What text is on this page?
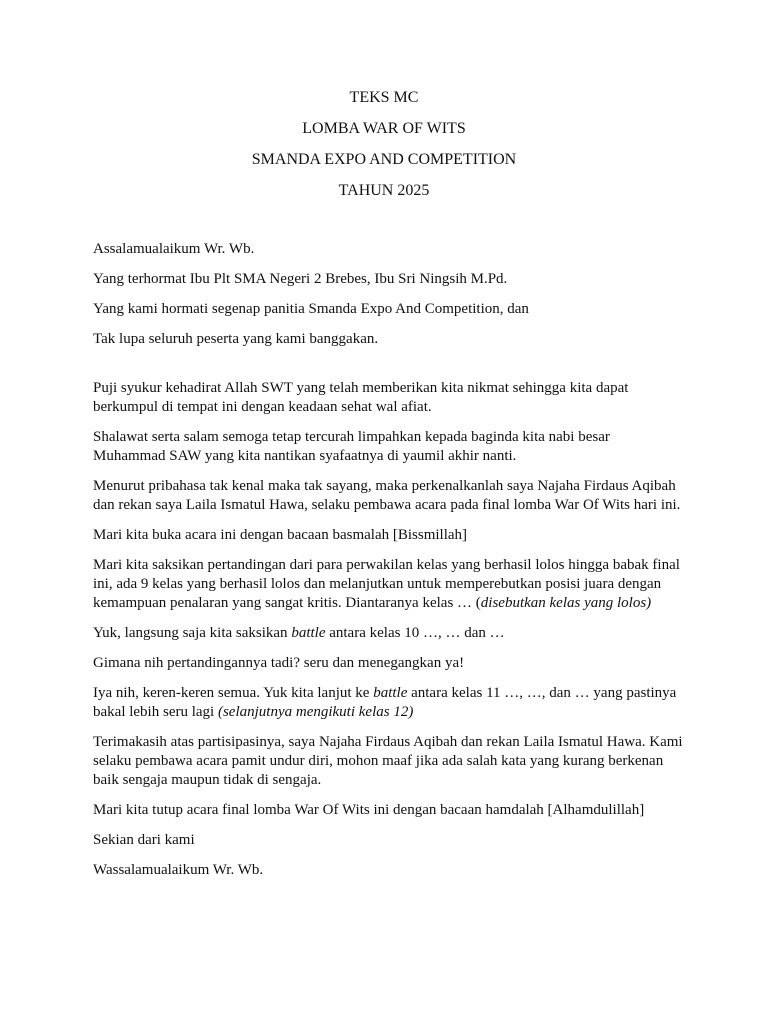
TEKS MC
LOMBA WAR OF WITS
SMANDA EXPO AND COMPETITION
TAHUN 2025

Assalamualaikum Wr. Wb.

Yang terhormat Ibu Plt SMA Negeri 2 Brebes, Ibu Sri Ningsih M.Pd.

Yang kami hormati segenap panitia Smanda Expo And Competition, dan

Tak lupa seluruh peserta yang kami banggakan.

Puji syukur kehadirat Allah SWT yang telah memberikan kita nikmat sehingga kita dapat berkumpul di tempat ini dengan keadaan sehat wal afiat.

Shalawat serta salam semoga tetap tercurah limpahkan kepada baginda kita nabi besar Muhammad SAW yang kita nantikan syafaatnya di yaumil akhir nanti.

Menurut pribahasa tak kenal maka tak sayang, maka perkenalkanlah saya Najaha Firdaus Aqibah dan rekan saya Laila Ismatul Hawa, selaku pembawa acara pada final lomba War Of Wits hari ini.

Mari kita buka acara ini dengan bacaan basmalah [Bissmillah]

Mari kita saksikan pertandingan dari para perwakilan kelas yang berhasil lolos hingga babak final ini, ada 9 kelas yang berhasil lolos dan melanjutkan untuk memperebutkan posisi juara dengan kemampuan penalaran yang sangat kritis. Diantaranya kelas … (disebutkan kelas yang lolos)

Yuk, langsung saja kita saksikan battle antara kelas 10 …, … dan …

Gimana nih pertandingannya tadi? seru dan menegangkan ya!

Iya nih, keren-keren semua. Yuk kita lanjut ke battle antara kelas 11 …, …, dan … yang pastinya bakal lebih seru lagi (selanjutnya mengikuti kelas 12)

Terimakasih atas partisipasinya, saya Najaha Firdaus Aqibah dan rekan Laila Ismatul Hawa. Kami selaku pembawa acara pamit undur diri, mohon maaf jika ada salah kata yang kurang berkenan baik sengaja maupun tidak di sengaja.

Mari kita tutup acara final lomba War Of Wits ini dengan bacaan hamdalah [Alhamdulillah]

Sekian dari kami

Wassalamualaikum Wr. Wb.
